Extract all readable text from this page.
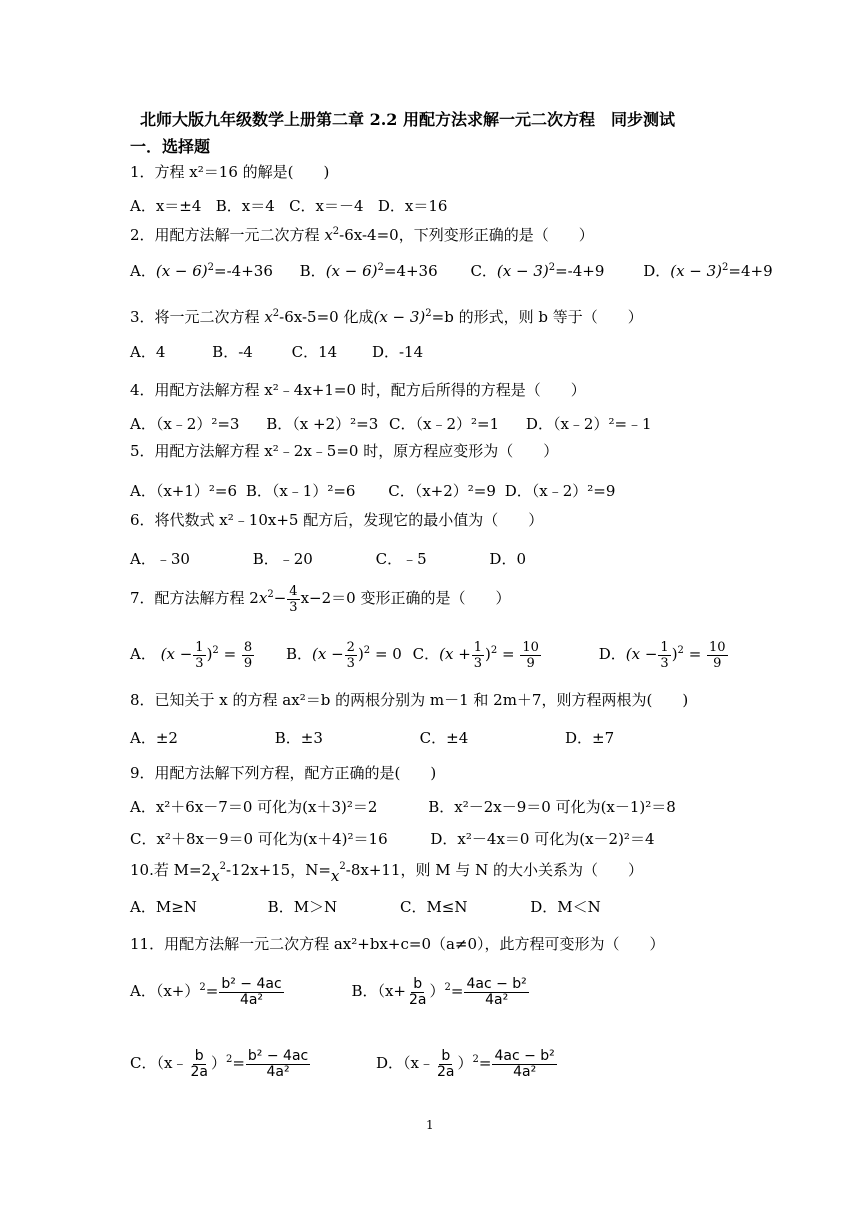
北师大版九年级数学上册第二章 2.2 用配方法求解一元二次方程　同步测试
一．选择题
1．方程 x²＝16 的解是(　　)
A．x＝±4 B．x＝4 C．x＝－4 D．x＝16
2．用配方法解一元二次方程 $x^2-6x-4=0$，下列变形正确的是（　　）
A．$(x - 6)^2=-4+36$ B．$(x - 6)^2=4+36$ C．$(x - 3)^2=-4+9$	D．$(x - 3)^2=4+9$
3．将一元二次方程 $x^2-6x-5=0$ 化成$(x - 3)^2=b$ 的形式，则 b 等于（　　）
A．4	B．-4	C．14 D．-14
4．用配方法解方程 x²﹣4x+1=0 时，配方后所得的方程是（　　）
A．（x﹣2）²=3 B．（x +2）²=3 C．（x﹣2）²=1 D．（x﹣2）²=﹣1
5．用配方法解方程 x²﹣2x﹣5=0 时，原方程应变形为（　　）
A．（x+1）²=6 B．（x﹣1）²=6 C．（x+2）²=9 D．（x﹣2）²=9
6．将代数式 x²﹣10x+5 配方后，发现它的最小值为（　　）
A．﹣30	B．﹣20	C．﹣5	D．0
7．配方法解方程 $2x^2- \frac{4}{3} x-2=0$ 变形正确的是（　　）
A． $(x - \frac{1}{3} )^2 = \frac{8}{9}$ B．$(x - \frac{2}{3} )^2 = 0$ C．$(x + \frac{1}{3} )^2 = \frac{10}{9}$	D．$(x - \frac{1}{3} )^2 = \frac{10}{9}$
8．已知关于 x 的方程 ax²＝b 的两根分别为 m－1 和 2m＋7，则方程两根为(　　)
A．±2	B．±3	C．±4	D．±7
9．用配方法解下列方程，配方正确的是(　　)
A．x²＋6x－7＝0 可化为(x＋3)²＝2	B．x²－2x－9＝0 可化为(x－1)²＝8
C．x²＋8x－9＝0 可化为(x＋4)²＝16	D．x²－4x＝0 可化为(x－2)²＝4
10.若 $M=2x^2-12x+15$，$N=x^2-8x+11$，则 M 与 N 的大小关系为（　　）
A．M≥N	B．M＞N	C．M≤N	D．M＜N
11．用配方法解一元二次方程 ax²+bx+c=0（a≠0），此方程可变形为（　　）
A．$(x+)^2= \frac{\text{b² − 4ac}}{\text{4a²}}$	B．$(x+ \frac{b}{2a} )^2= \frac{\text{4ac − b²}}{\text{4a²}}$
C．（x﹣ $\frac{b}{2a} )^2= \frac{\text{b² − 4ac}}{\text{4a²}}$	D．（x﹣ $\frac{b}{2a} )^2= \frac{\text{4ac − b²}}{\text{4a²}}$
1
